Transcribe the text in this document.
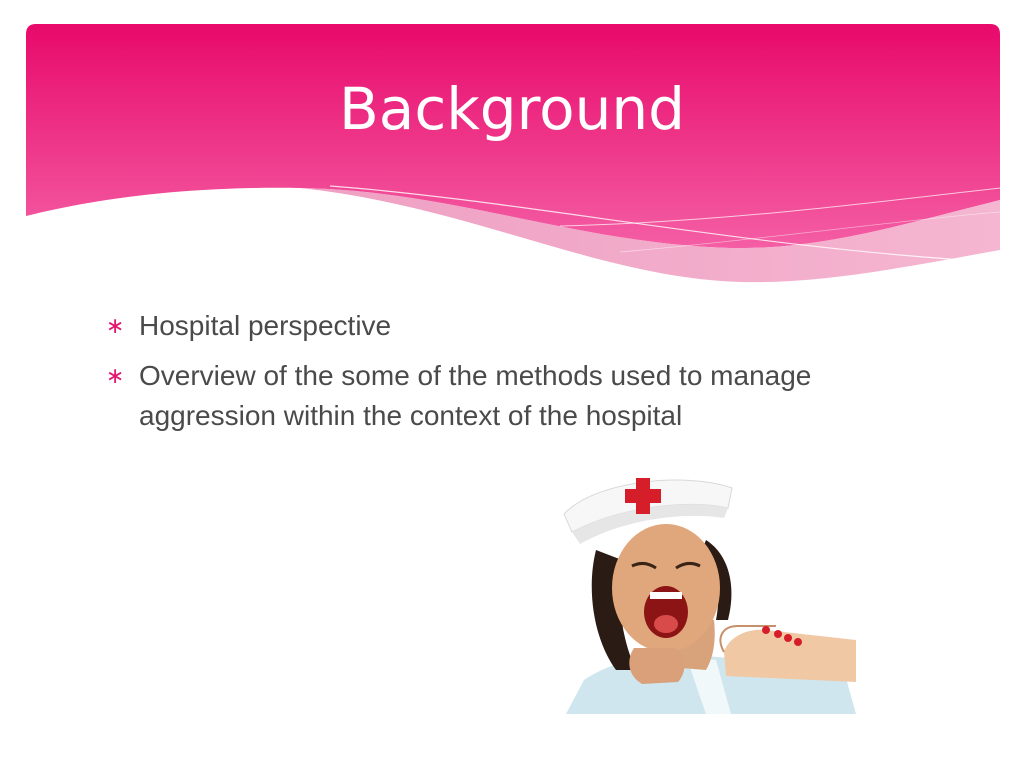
Background
∗ Hospital perspective
∗ Overview of the some of the methods used to manage aggression within the context of the hospital
